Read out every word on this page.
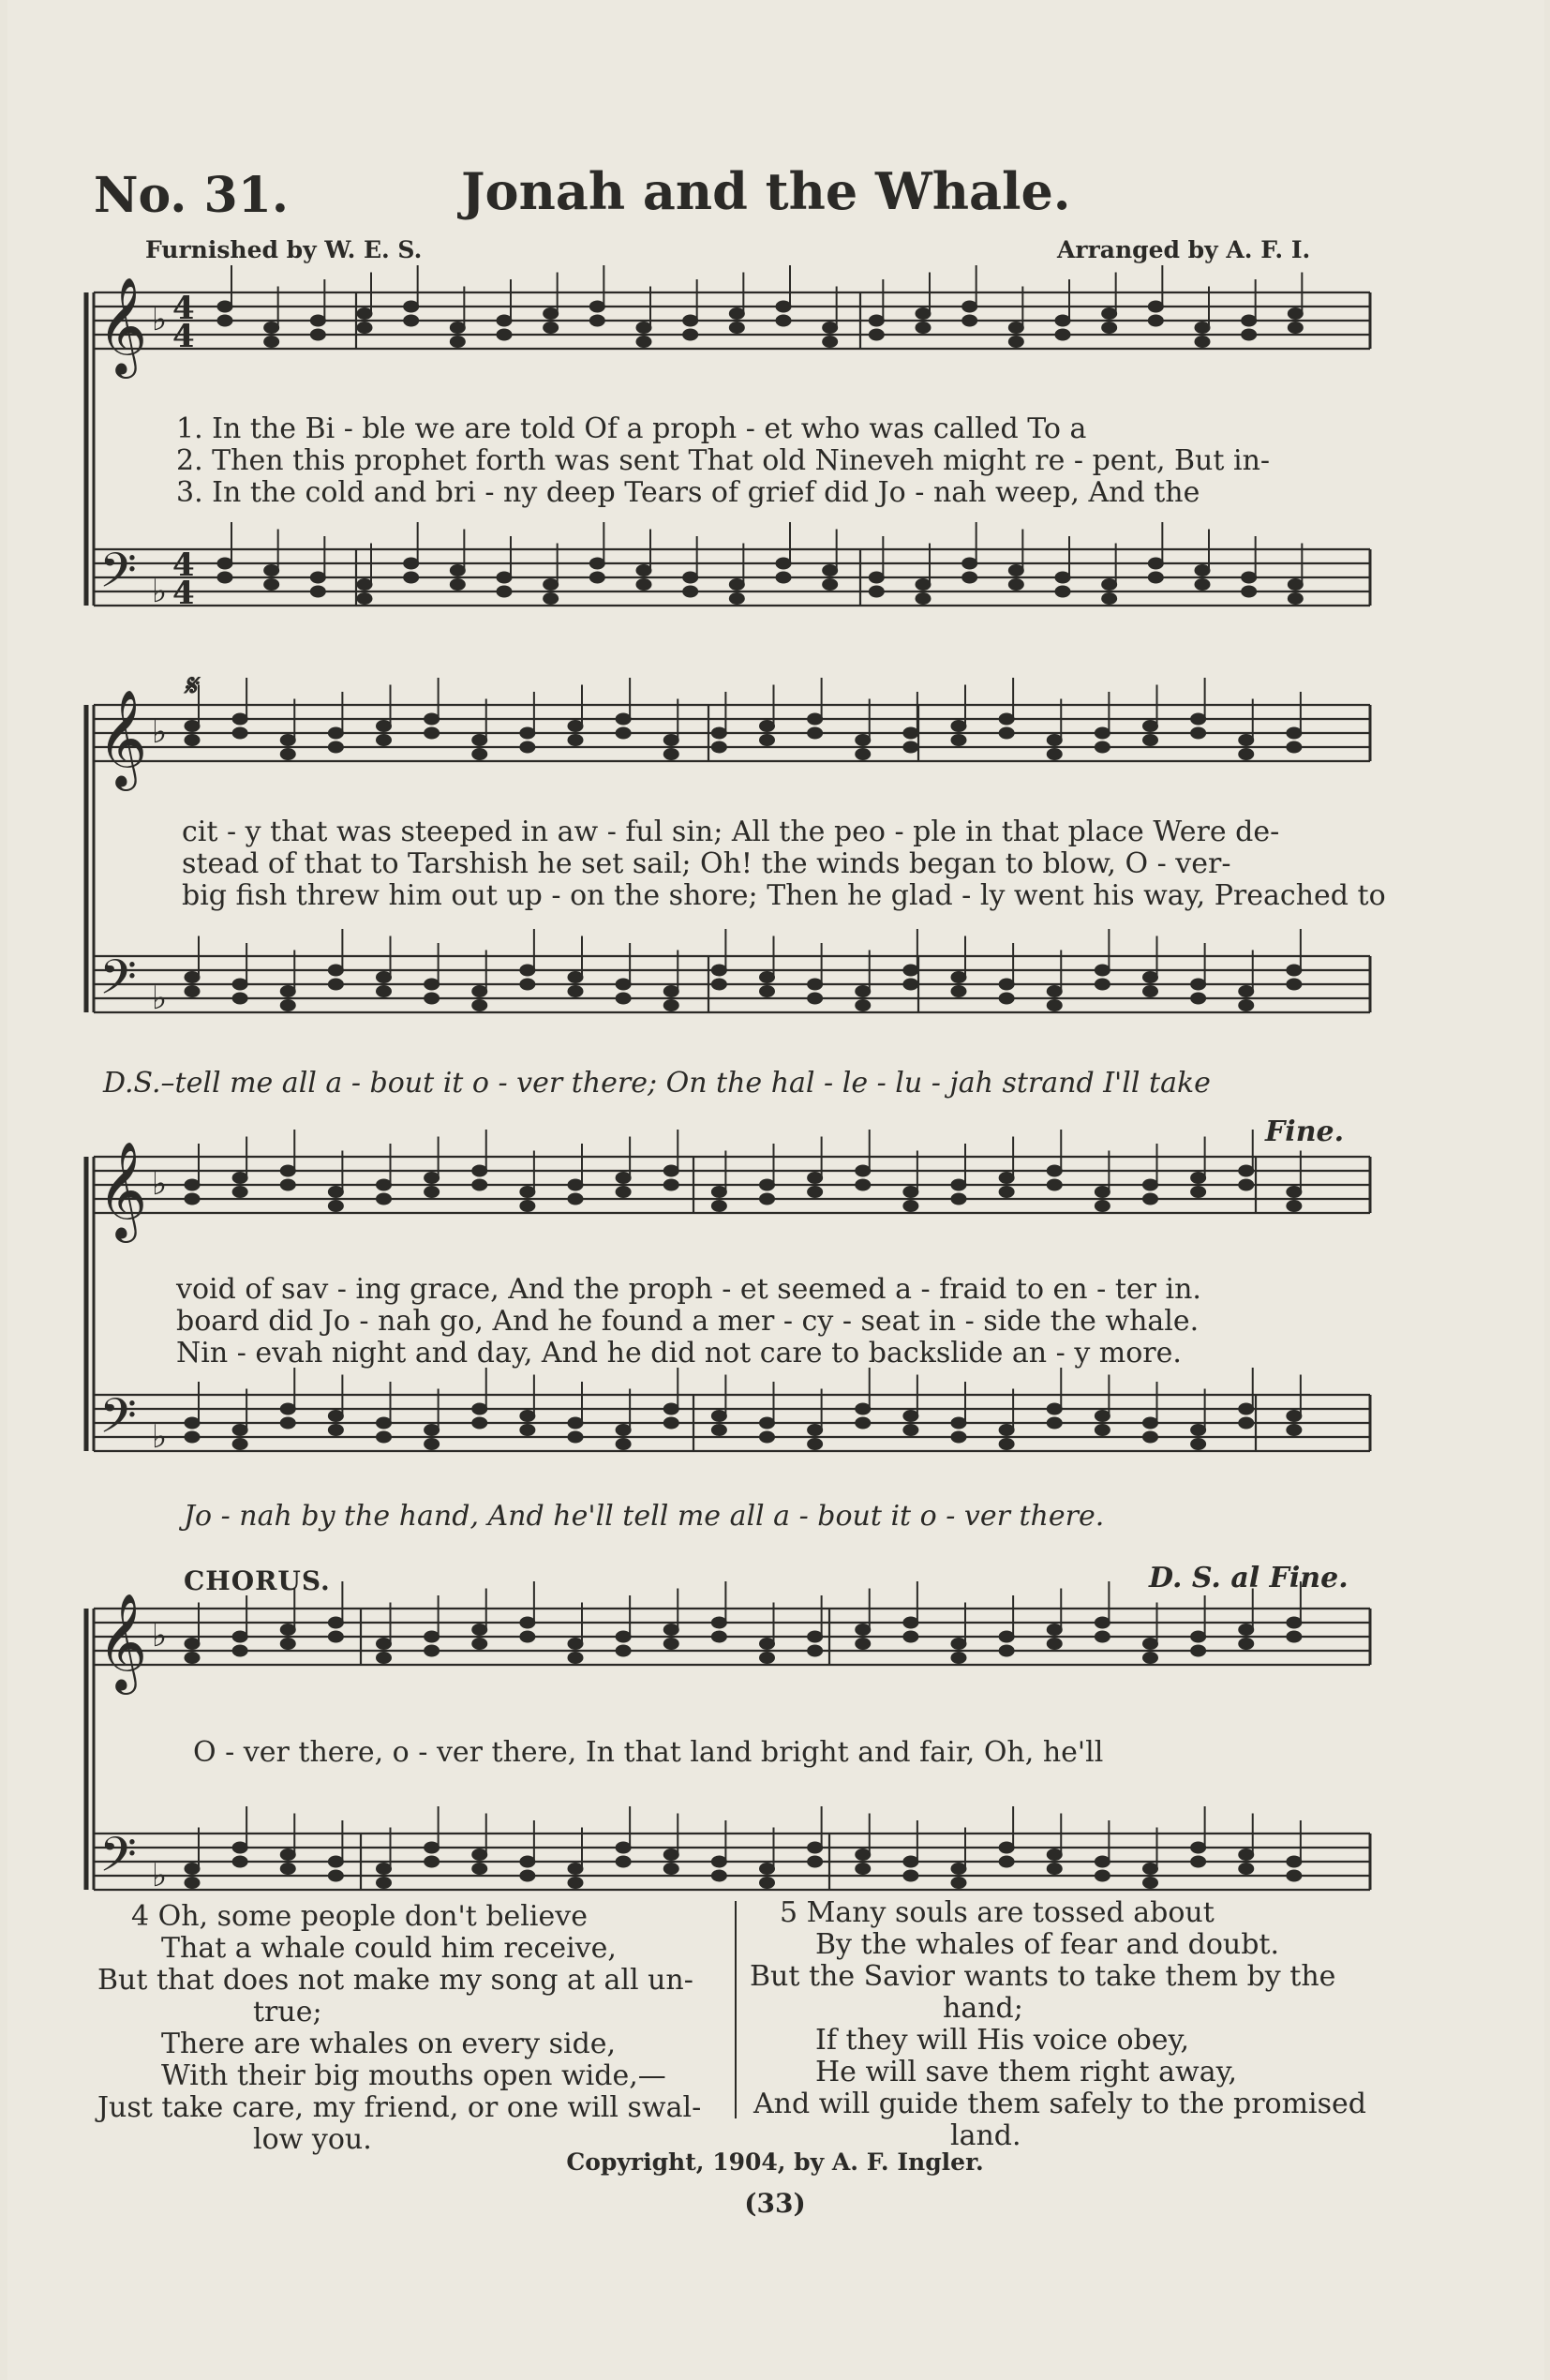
No. 31.	Jonah and the Whale.
Furnished by W. E. S.	Arranged by A. F. I.
𝄞
𝄢
♭
♭
4
4
4
4
𝄞
𝄢
♭
♭
𝄞
𝄢
♭
♭
𝄞
𝄢
♭
♭
1. In the Bi - ble we are told Of a proph - et who was called To a
2. Then this prophet forth was sent That old Nineveh might re - pent, But in-
3. In the cold and bri - ny deep Tears of grief did Jo - nah weep, And the
𝄋
cit - y that was steeped in aw - ful sin; All the peo - ple in that place Were de-
stead of that to Tarshish he set sail; Oh! the winds began to blow, O - ver-
big fish threw him out up - on the shore; Then he glad - ly went his way, Preached to
D.S.–tell me all a - bout it o - ver there; On the hal - le - lu - jah strand I'll take
Fine.
void of sav - ing grace, And the proph - et seemed a - fraid to en - ter in.
board did Jo - nah go, And he found a mer - cy - seat in - side the whale.
Nin - evah night and day, And he did not care to backslide an - y more.
Jo - nah by the hand, And he'll tell me all a - bout it o - ver there.
CHORUS.	D. S. al Fine.
O - ver there, o - ver there, In that land bright and fair, Oh, he'll
4 Oh, some people don't believe
That a whale could him receive,
But that does not make my song at all un-
true;
There are whales on every side,
With their big mouths open wide,—
Just take care, my friend, or one will swal-
low you.
5 Many souls are tossed about
By the whales of fear and doubt.
But the Savior wants to take them by the
hand;
If they will His voice obey,
He will save them right away,
And will guide them safely to the promised
land.
Copyright, 1904, by A. F. Ingler.
(33)
